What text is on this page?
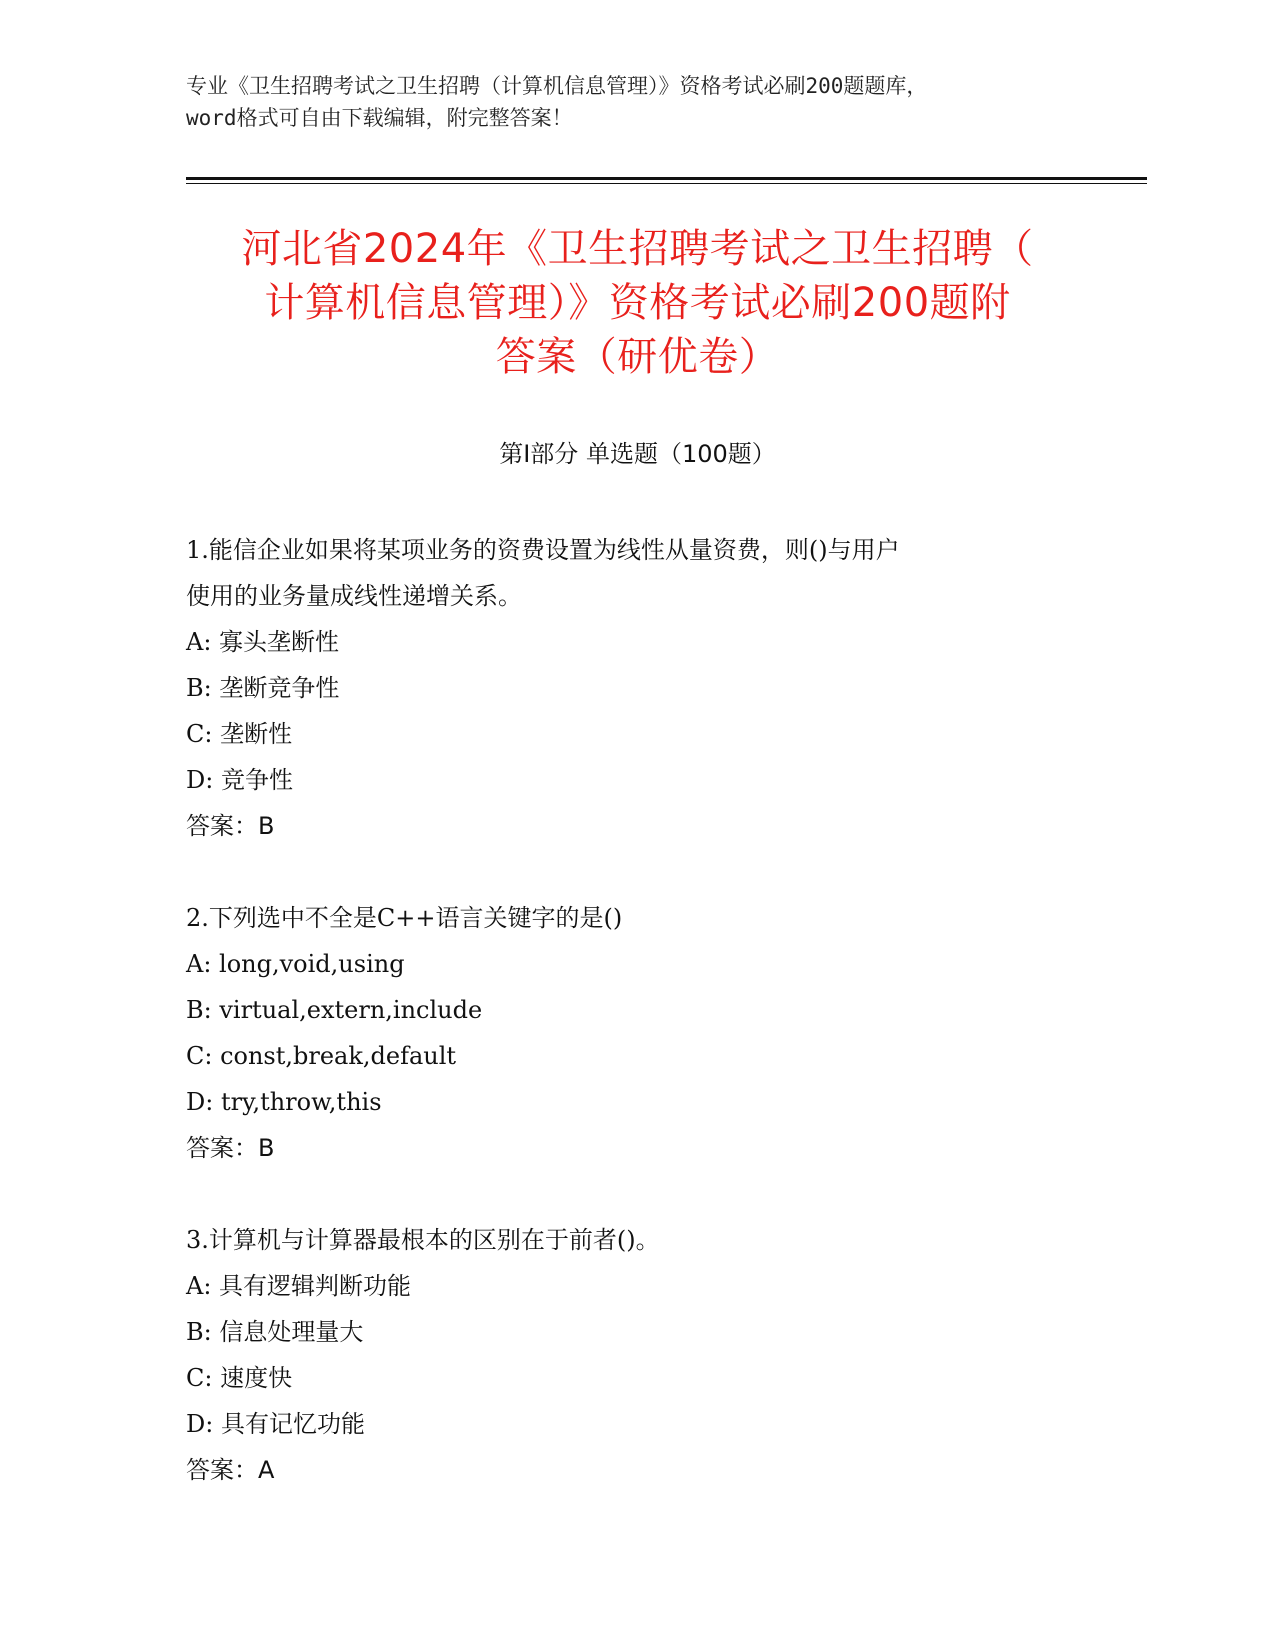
专业《卫生招聘考试之卫生招聘（计算机信息管理）》资格考试必刷200题题库，
word格式可自由下载编辑，附完整答案！
河北省2024年《卫生招聘考试之卫生招聘（
计算机信息管理）》资格考试必刷200题附
答案（研优卷）
第Ⅰ部分 单选题（100题）

1.能信企业如果将某项业务的资费设置为线性从量资费，则()与用户

使用的业务量成线性递增关系。

A: 寡头垄断性

B: 垄断竞争性

C: 垄断性

D: 竞争性

答案：B

2.下列选中不全是C++语言关键字的是()

A: long,void,using

B: virtual,extern,include

C: const,break,default

D: try,throw,this

答案：B

3.计算机与计算器最根本的区别在于前者()。

A: 具有逻辑判断功能

B: 信息处理量大

C: 速度快

D: 具有记忆功能

答案：A
